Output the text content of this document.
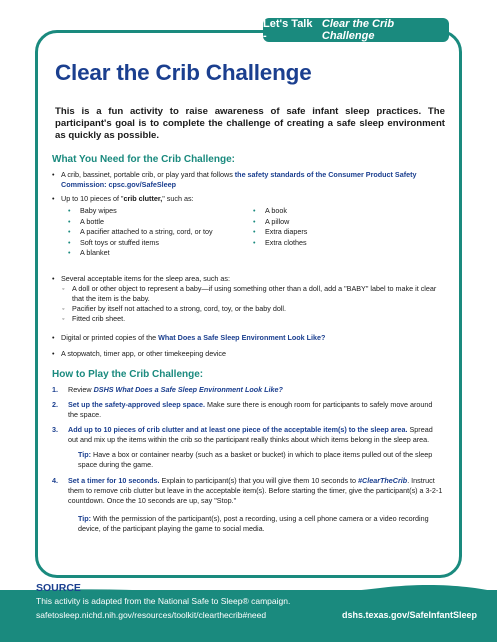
Let's Talk -
Clear the Crib Challenge
Clear the Crib Challenge
This is a fun activity to raise awareness of safe infant sleep practices. The participant's goal is to complete the challenge of creating a safe sleep environment as quickly as possible.
What You Need for the Crib Challenge:
• A crib, bassinet, portable crib, or play yard that follows the safety standards of the Consumer Product Safety Commission: cpsc.gov/SafeSleep
• Up to 10 pieces of "crib clutter," such as:
• Baby wipes
• A bottle
• A pacifier attached to a string, cord, or toy
• Soft toys or stuffed items
• A blanket
• A book
• A pillow
• Extra diapers
• Extra clothes
• Several acceptable items for the sleep area, such as:
◦ A doll or other object to represent a baby—if using something other than a doll, add a "BABY" label to make it clear that the item is the baby.
◦ Pacifier by itself not attached to a strong, cord, toy, or the baby doll.
◦ Fitted crib sheet.
• Digital or printed copies of the What Does a Safe Sleep Environment Look Like?
• A stopwatch, timer app, or other timekeeping device
How to Play the Crib Challenge:
1. Review DSHS What Does a Safe Sleep Environment Look Like?
2. Set up the safety-approved sleep space. Make sure there is enough room for participants to safely move around the space.
3. Add up to 10 pieces of crib clutter and at least one piece of the acceptable item(s) to the sleep area. Spread out and mix up the items within the crib so the participant really thinks about which items belong in the sleep area.
Tip: Have a box or container nearby (such as a basket or bucket) in which to place items pulled out of the sleep space during the game.
4. Set a timer for 10 seconds. Explain to participant(s) that you will give them 10 seconds to #ClearTheCrib. Instruct them to remove crib clutter but leave in the acceptable item(s). Before starting the timer, give the participant(s) a 3-2-1 countdown. Once the 10 seconds are up, say "Stop."
Tip: With the permission of the participant(s), post a recording, using a cell phone camera or a video recording device, of the participant playing the game to social media.
SOURCE
This activity is adapted from the National Safe to Sleep® campaign.
safetosleep.nichd.nih.gov/resources/toolkit/clearthecrib#need	dshs.texas.gov/SafeInfantSleep
